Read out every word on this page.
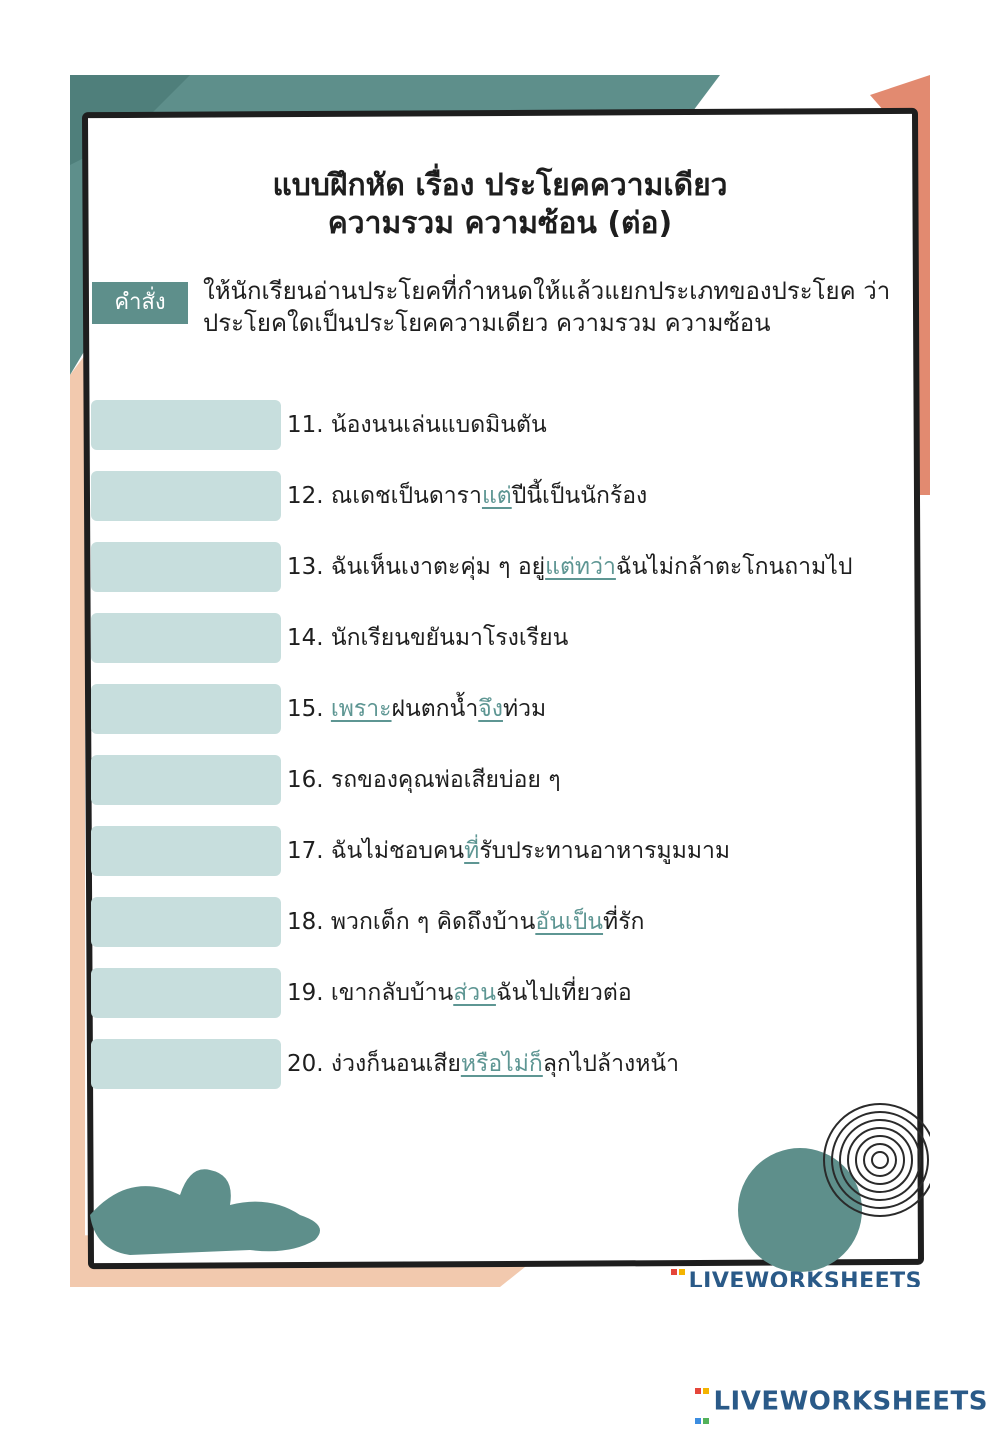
แบบฝึกหัด เรื่อง ประโยคความเดียว
ความรวม ความซ้อน (ต่อ)
คำสั่ง	ให้นักเรียนอ่านประโยคที่กำหนดให้แล้วแยกประเภทของประโยค ว่าประโยคใดเป็นประโยคความเดียว ความรวม ความซ้อน
11. น้องนนเล่นแบดมินตัน
12. ณเดชเป็นดาราแต่ปีนี้เป็นนักร้อง
13. ฉันเห็นเงาตะคุ่ม ๆ อยู่แต่ทว่าฉันไม่กล้าตะโกนถามไป
14. นักเรียนขยันมาโรงเรียน
15. เพราะฝนตกน้ำจึงท่วม
16. รถของคุณพ่อเสียบ่อย ๆ
17. ฉันไม่ชอบคนที่รับประทานอาหารมูมมาม
18. พวกเด็ก ๆ คิดถึงบ้านอันเป็นที่รัก
19. เขากลับบ้านส่วนฉันไปเที่ยวต่อ
20. ง่วงก็นอนเสียหรือไม่ก็ลุกไปล้างหน้า

LIVEWORKSHEETS

LIVEWORKSHEETS
